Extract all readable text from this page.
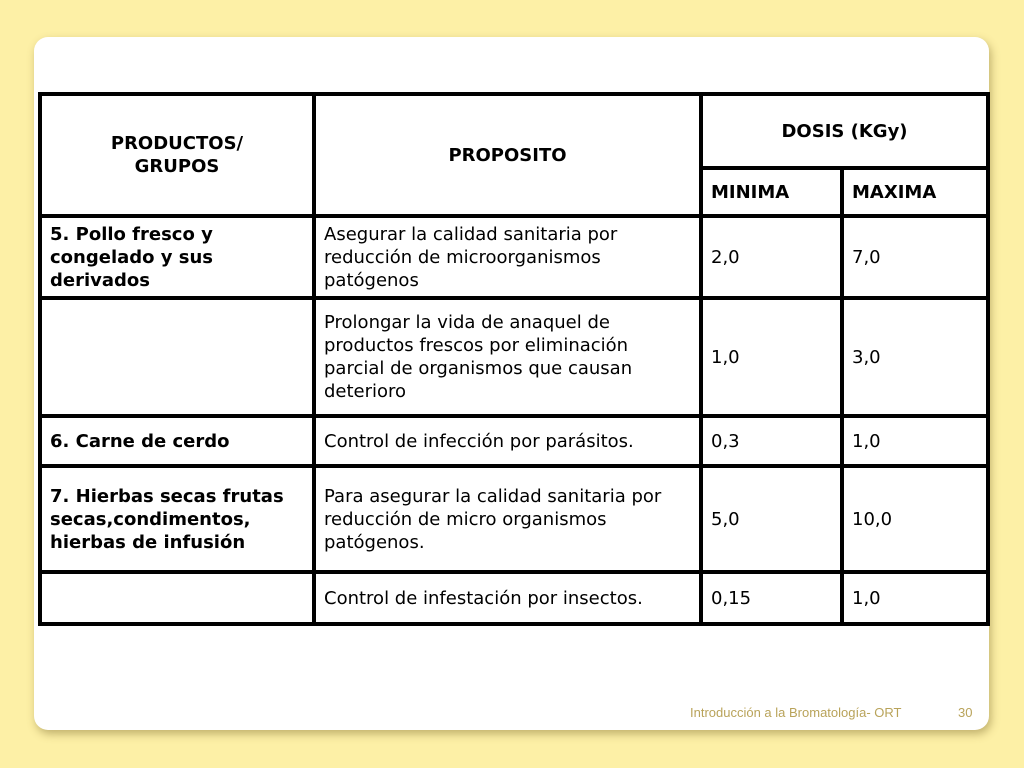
PRODUCTOS/ GRUPOS	PROPOSITO	DOSIS (KGy)	
		MINIMA	MAXIMA
5. Pollo fresco y congelado y sus derivados	Asegurar la calidad sanitaria por reducción de microorganismos patógenos	2,0	7,0
	Prolongar la vida de anaquel de productos frescos por eliminación parcial de organismos que causan deterioro	1,0	3,0
6. Carne de cerdo	Control de infección por parásitos.	0,3	1,0
7. Hierbas secas frutas secas,condimentos, hierbas de infusión	Para asegurar la calidad sanitaria por reducción de micro organismos patógenos.	5,0	10,0
	Control de infestación por insectos.	0,15	1,0
Introducción a la Bromatología- ORT	30
